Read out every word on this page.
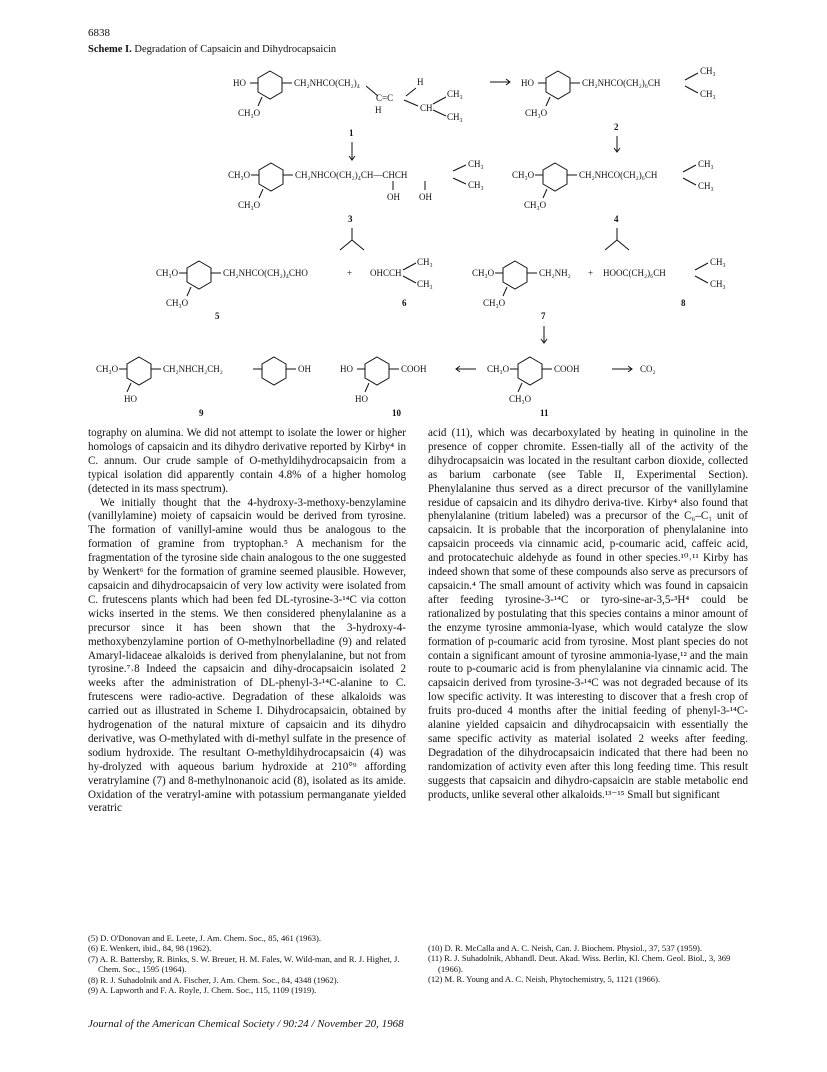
6838
Scheme I. Degradation of Capsaicin and Dihydrocapsaicin
HO
CH₃O
CH₂NHCO(CH₂)₄
C=C
H
H
CH
CH₃
CH₃
1
HO
CH₃O
CH₂NHCO(CH₂)₆CH
CH₃
CH₃
2
CH₃O
CH₃O
CH₂NHCO(CH₂)₄CH—CHCH
CH₃
CH₃
OH OH
3
CH₃O
CH₃O
CH₂NHCO(CH₂)₆CH
CH₃
CH₃
4
CH₃O
CH₃O
CH₂NHCO(CH₂)₄CHO
5
+ OHCCH
CH₃
CH₃
6
CH₃O
CH₃O
CH₂NH₂
7
+ HOOC(CH₂)₆CH
CH₃
CH₃
8
CH₃O
HO
CH₂NHCH₂CH₂	OH
9
HO
HO
COOH
10
CH₃O
CH₃O
COOH
11
CO₂

tography on alumina. We did not attempt to isolate the lower or higher homologs of capsaicin and its dihydro derivative reported by Kirby⁴ in C. annum. Our crude sample of O-methyldihydrocapsaicin from a typical isolation did apparently contain 4.8% of a higher homolog (detected in its mass spectrum).

We initially thought that the 4-hydroxy-3-methoxy-benzylamine (vanillylamine) moiety of capsaicin would be derived from tyrosine. The formation of vanillyl-amine would thus be analogous to the formation of gramine from tryptophan.⁵ A mechanism for the fragmentation of the tyrosine side chain analogous to the one suggested by Wenkert⁶ for the formation of gramine seemed plausible. However, capsaicin and dihydrocapsaicin of very low activity were isolated from C. frutescens plants which had been fed DL-tyrosine-3-¹⁴C via cotton wicks inserted in the stems. We then considered phenylalanine as a precursor since it has been shown that the 3-hydroxy-4-methoxybenzylamine portion of O-methylnorbelladine (9) and related Amaryl-lidaceae alkaloids is derived from phenylalanine, but not from tyrosine.⁷˒8 Indeed the capsaicin and dihy-drocapsaicin isolated 2 weeks after the administration of DL-phenyl-3-¹⁴C-alanine to C. frutescens were radio-active. Degradation of these alkaloids was carried out as illustrated in Scheme I. Dihydrocapsaicin, obtained by hydrogenation of the natural mixture of capsaicin and its dihydro derivative, was O-methylated with di-methyl sulfate in the presence of sodium hydroxide. The resultant O-methyldihydrocapsaicin (4) was hy-drolyzed with aqueous barium hydroxide at 210°⁹ affording veratrylamine (7) and 8-methylnonanoic acid (8), isolated as its amide. Oxidation of the veratryl-amine with potassium permanganate yielded veratric

acid (11), which was decarboxylated by heating in quinoline in the presence of copper chromite. Essen-tially all of the activity of the dihydrocapsaicin was located in the resultant carbon dioxide, collected as barium carbonate (see Table II, Experimental Section). Phenylalanine thus served as a direct precursor of the vanillylamine residue of capsaicin and its dihydro deriva-tive. Kirby⁴ also found that phenylalanine (tritium labeled) was a precursor of the C₆–C₁ unit of capsaicin. It is probable that the incorporation of phenylalanine into capsaicin proceeds via cinnamic acid, p-coumaric acid, caffeic acid, and protocatechuic aldehyde as found in other species.¹⁰˒¹¹ Kirby has indeed shown that some of these compounds also serve as precursors of capsaicin.⁴ The small amount of activity which was found in capsaicin after feeding tyrosine-3-¹⁴C or tyro-sine-ar-3,5-³H⁴ could be rationalized by postulating that this species contains a minor amount of the enzyme tyrosine ammonia-lyase, which would catalyze the slow formation of p-coumaric acid from tyrosine. Most plant species do not contain a significant amount of tyrosine ammonia-lyase,¹² and the main route to p-coumaric acid is from phenylalanine via cinnamic acid. The capsaicin derived from tyrosine-3-¹⁴C was not degraded because of its low specific activity. It was interesting to discover that a fresh crop of fruits pro-duced 4 months after the initial feeding of phenyl-3-¹⁴C-alanine yielded capsaicin and dihydrocapsaicin with essentially the same specific activity as material isolated 2 weeks after feeding. Degradation of the dihydrocapsaicin indicated that there had been no randomization of activity even after this long feeding time. This result suggests that capsaicin and dihydro-capsaicin are stable metabolic end products, unlike several other alkaloids.¹³⁻¹⁵ Small but significant

(5) D. O'Donovan and E. Leete, J. Am. Chem. Soc., 85, 461 (1963).
(6) E. Wenkert, ibid., 84, 98 (1962).
(7) A. R. Battersby, R. Binks, S. W. Breuer, H. M. Fales, W. Wild-man, and R. J. Highet, J. Chem. Soc., 1595 (1964).
(8) R. J. Suhadolnik and A. Fischer, J. Am. Chem. Soc., 84, 4348 (1962).
(9) A. Lapworth and F. A. Royle, J. Chem. Soc., 115, 1109 (1919).
(10) D. R. McCalla and A. C. Neish, Can. J. Biochem. Physiol., 37, 537 (1959).
(11) R. J. Suhadolnik, Abhandl. Deut. Akad. Wiss. Berlin, Kl. Chem. Geol. Biol., 3, 369 (1966).
(12) M. R. Young and A. C. Neish, Phytochemistry, 5, 1121 (1966).
Journal of the American Chemical Society / 90:24 / November 20, 1968
